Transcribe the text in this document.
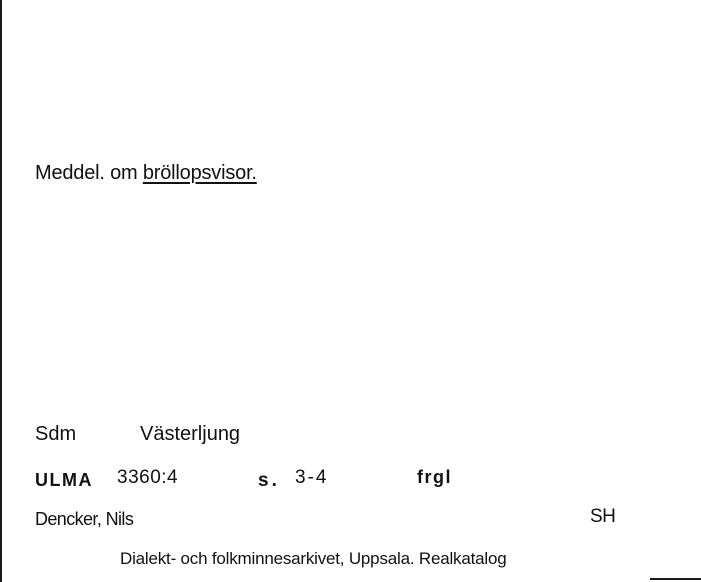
Meddel. om bröllopsvisor.
Sdm	Västerljung
ULMA 3360:4	s. 3-4	frgl
Dencker, Nils	SH
Dialekt- och folkminnesarkivet, Uppsala. Realkatalog
